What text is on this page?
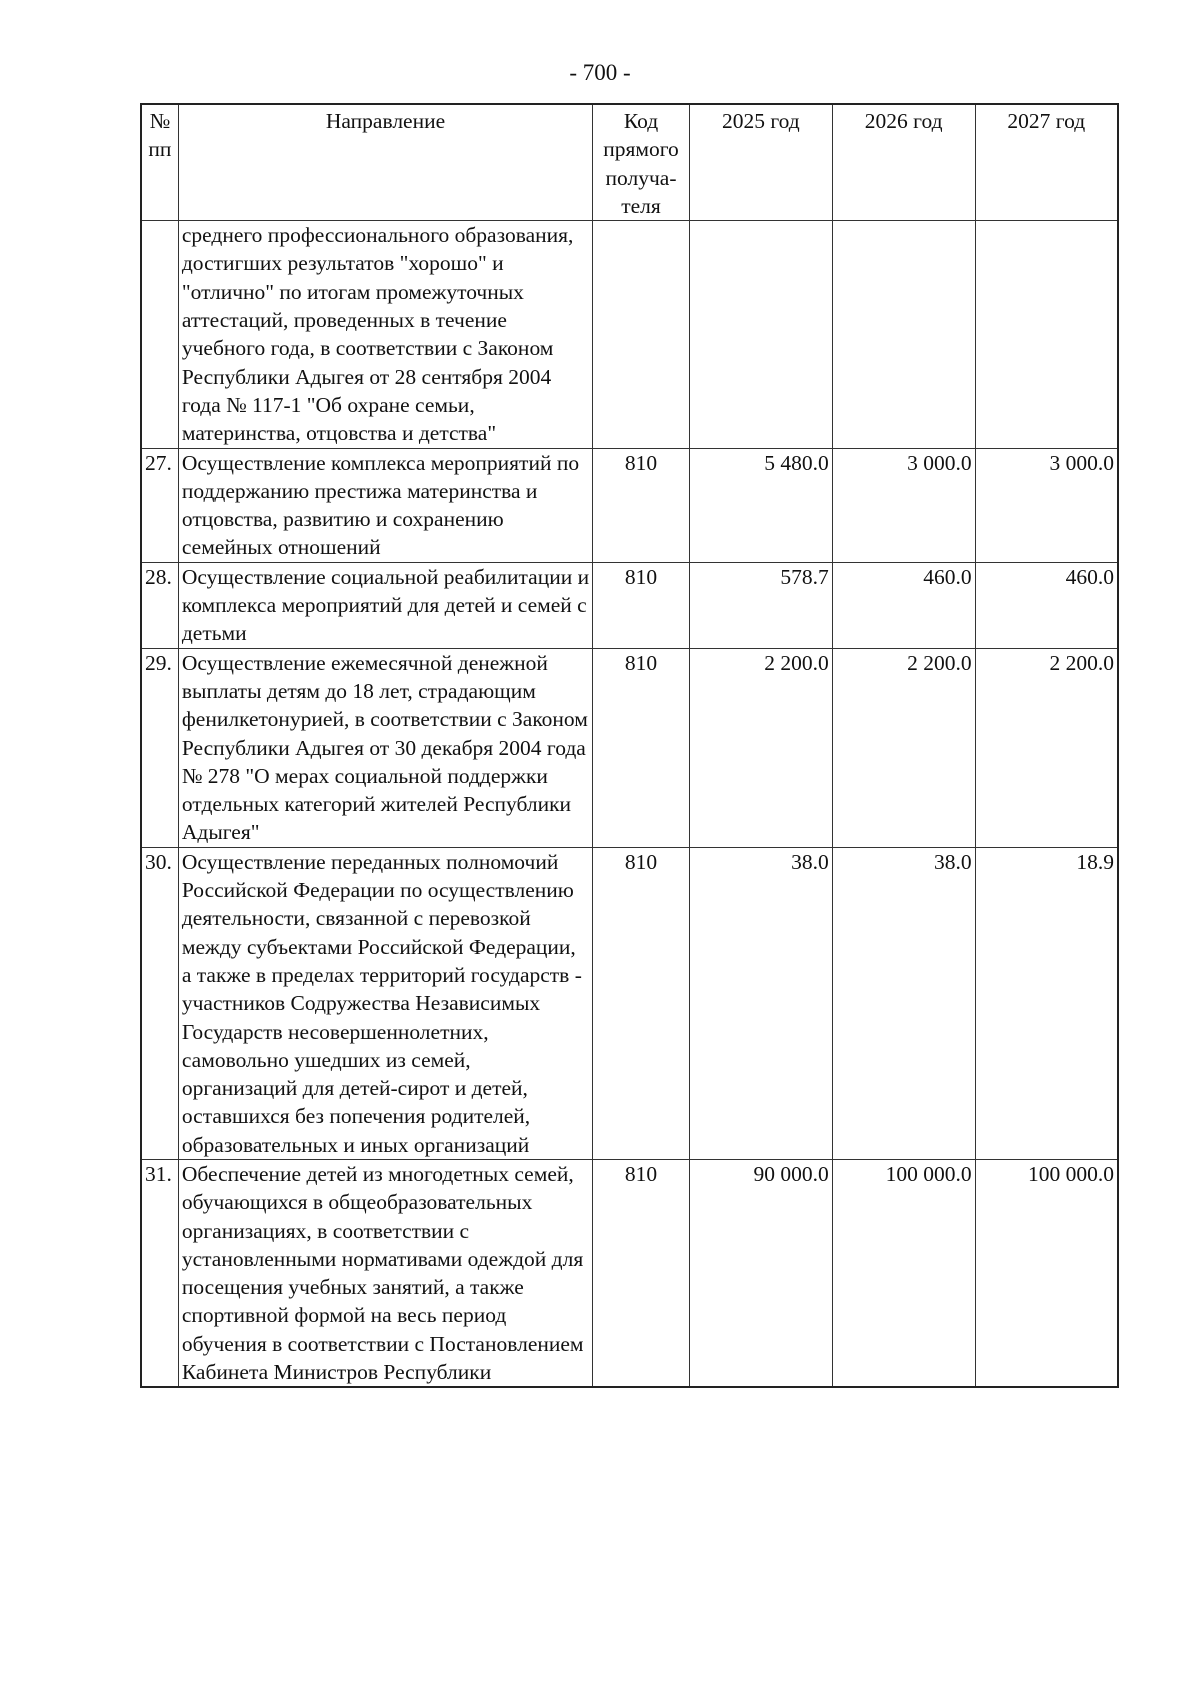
- 700 -
№ пп	Направление	Код прямого получа-теля	2025 год	2026 год	2027 год
	среднего профессионального образования, достигших результатов "хорошо" и "отлично" по итогам промежуточных аттестаций, проведенных в течение учебного года, в соответствии с Законом Республики Адыгея от 28 сентября 2004 года № 117-1 "Об охране семьи, материнства, отцовства и детства"				
27.	Осуществление комплекса мероприятий по поддержанию престижа материнства и отцовства, развитию и сохранению семейных отношений	810	5 480.0	3 000.0	3 000.0
28.	Осуществление социальной реабилитации и комплекса мероприятий для детей и семей с детьми	810	578.7	460.0	460.0
29.	Осуществление ежемесячной денежной выплаты детям до 18 лет, страдающим фенилкетонурией, в соответствии с Законом Республики Адыгея от 30 декабря 2004 года № 278 "О мерах социальной поддержки отдельных категорий жителей Республики Адыгея"	810	2 200.0	2 200.0	2 200.0
30.	Осуществление переданных полномочий Российской Федерации по осуществлению деятельности, связанной с перевозкой между субъектами Российской Федерации, а также в пределах территорий государств - участников Содружества Независимых Государств несовершеннолетних, самовольно ушедших из семей, организаций для детей-сирот и детей, оставшихся без попечения родителей, образовательных и иных организаций	810	38.0	38.0	18.9
31.	Обеспечение детей из многодетных семей, обучающихся в общеобразовательных организациях, в соответствии с установленными нормативами одеждой для посещения учебных занятий, а также спортивной формой на весь период обучения в соответствии с Постановлением Кабинета Министров Республики	810	90 000.0	100 000.0	100 000.0
